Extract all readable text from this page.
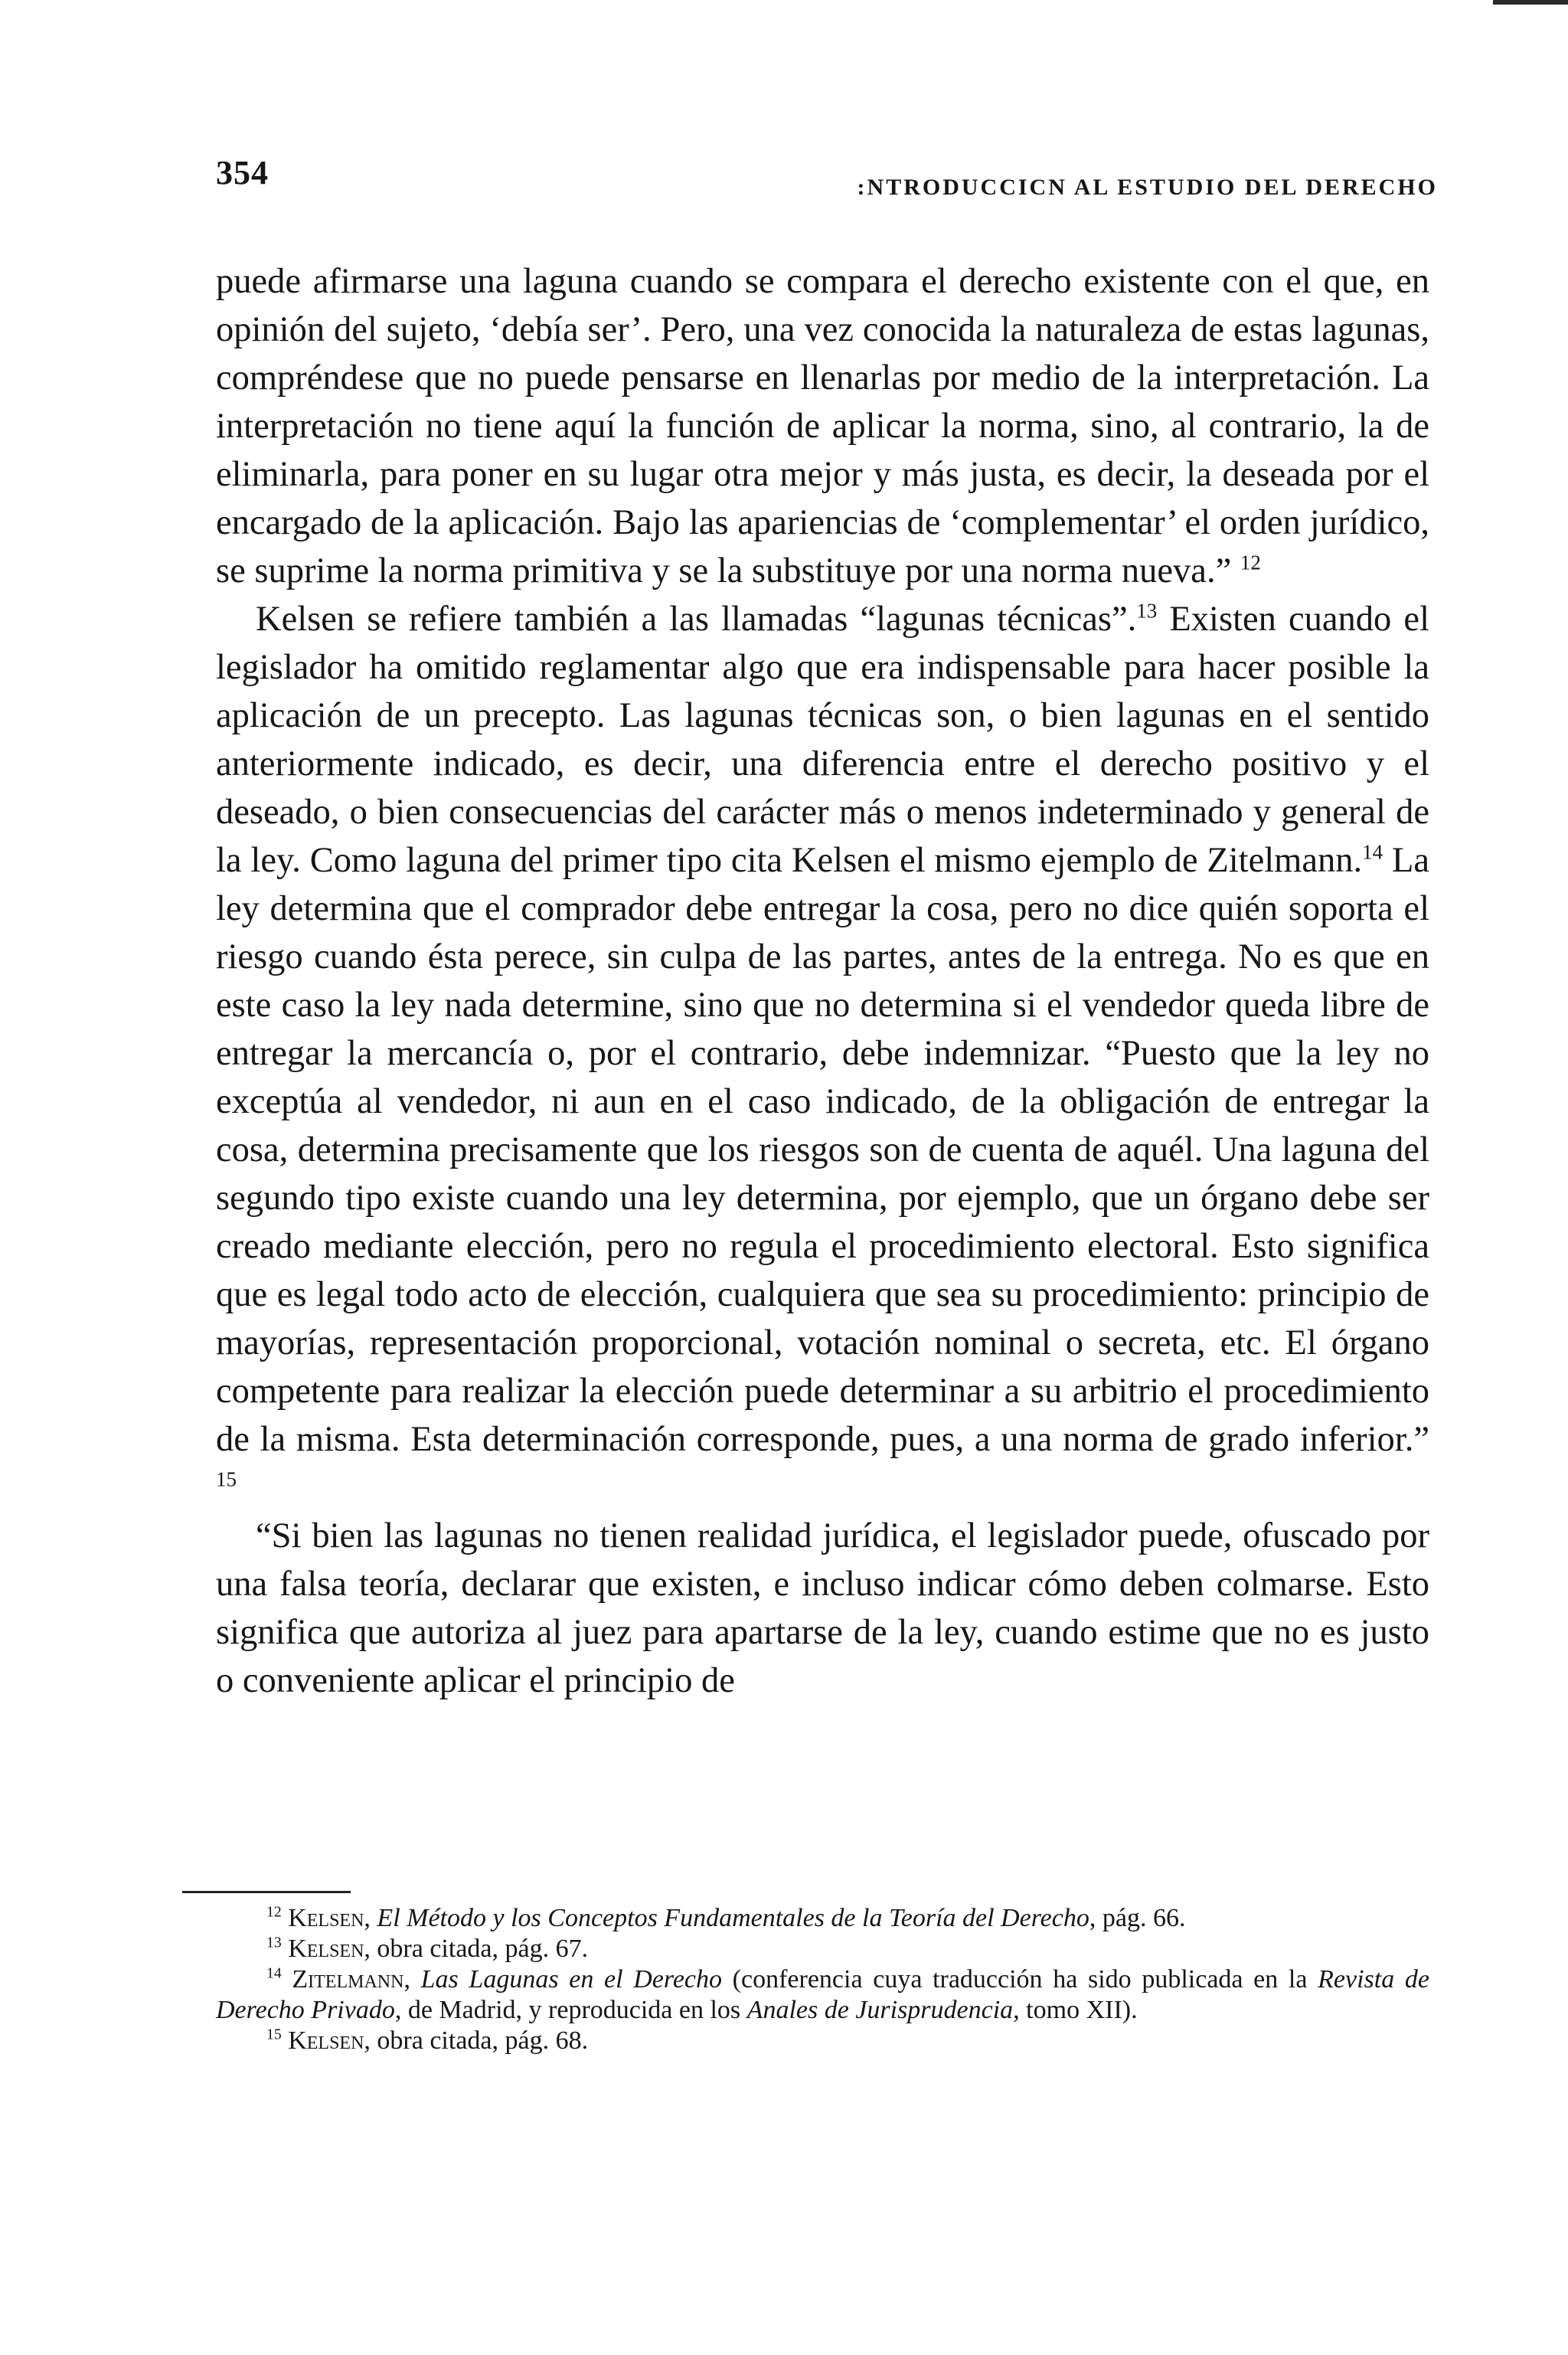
354	:NTRODUCCICN AL ESTUDIO DEL DERECHO

puede afirmarse una laguna cuando se compara el derecho existente con el que, en opinión del sujeto, ‘debía ser’. Pero, una vez conocida la naturaleza de estas lagunas, compréndese que no puede pensarse en llenarlas por medio de la interpretación. La interpretación no tiene aquí la función de aplicar la norma, sino, al contrario, la de eliminarla, para poner en su lugar otra mejor y más justa, es decir, la deseada por el encargado de la aplicación. Bajo las apariencias de ‘complementar’ el orden jurídico, se suprime la norma primitiva y se la substituye por una norma nueva.” $^{12}$

Kelsen se refiere también a las llamadas “lagunas técnicas”.$^{13}$ Existen cuando el legislador ha omitido reglamentar algo que era indispensable para hacer posible la aplicación de un precepto. Las lagunas técnicas son, o bien lagunas en el sentido anteriormente indicado, es decir, una diferencia entre el derecho positivo y el deseado, o bien consecuencias del carácter más o menos indeterminado y general de la ley. Como laguna del primer tipo cita Kelsen el mismo ejemplo de Zitelmann.$^{14}$ La ley determina que el comprador debe entregar la cosa, pero no dice quién soporta el riesgo cuando ésta perece, sin culpa de las partes, antes de la entrega. No es que en este caso la ley nada determine, sino que no determina si el vendedor queda libre de entregar la mercancía o, por el contrario, debe indemnizar. “Puesto que la ley no exceptúa al vendedor, ni aun en el caso indicado, de la obligación de entregar la cosa, determina precisamente que los riesgos son de cuenta de aquél. Una laguna del segundo tipo existe cuando una ley determina, por ejemplo, que un órgano debe ser creado mediante elección, pero no regula el procedimiento electoral. Esto significa que es legal todo acto de elección, cualquiera que sea su procedimiento: principio de mayorías, representación proporcional, votación nominal o secreta, etc. El órgano competente para realizar la elección puede determinar a su arbitrio el procedimiento de la misma. Esta determinación corresponde, pues, a una norma de grado inferior.” $^{15}$

“Si bien las lagunas no tienen realidad jurídica, el legislador puede, ofuscado por una falsa teoría, declarar que existen, e incluso indicar cómo deben colmarse. Esto significa que autoriza al juez para apartarse de la ley, cuando estime que no es justo o conveniente aplicar el principio de

$^{12}$ Kelsen, El Método y los Conceptos Fundamentales de la Teoría del Derecho, pág. 66.

$^{13}$ Kelsen, obra citada, pág. 67.

$^{14}$ Zitelmann, Las Lagunas en el Derecho (conferencia cuya traducción ha sido publicada en la Revista de Derecho Privado, de Madrid, y reproducida en los Anales de Jurisprudencia, tomo XII).

$^{15}$ Kelsen, obra citada, pág. 68.
